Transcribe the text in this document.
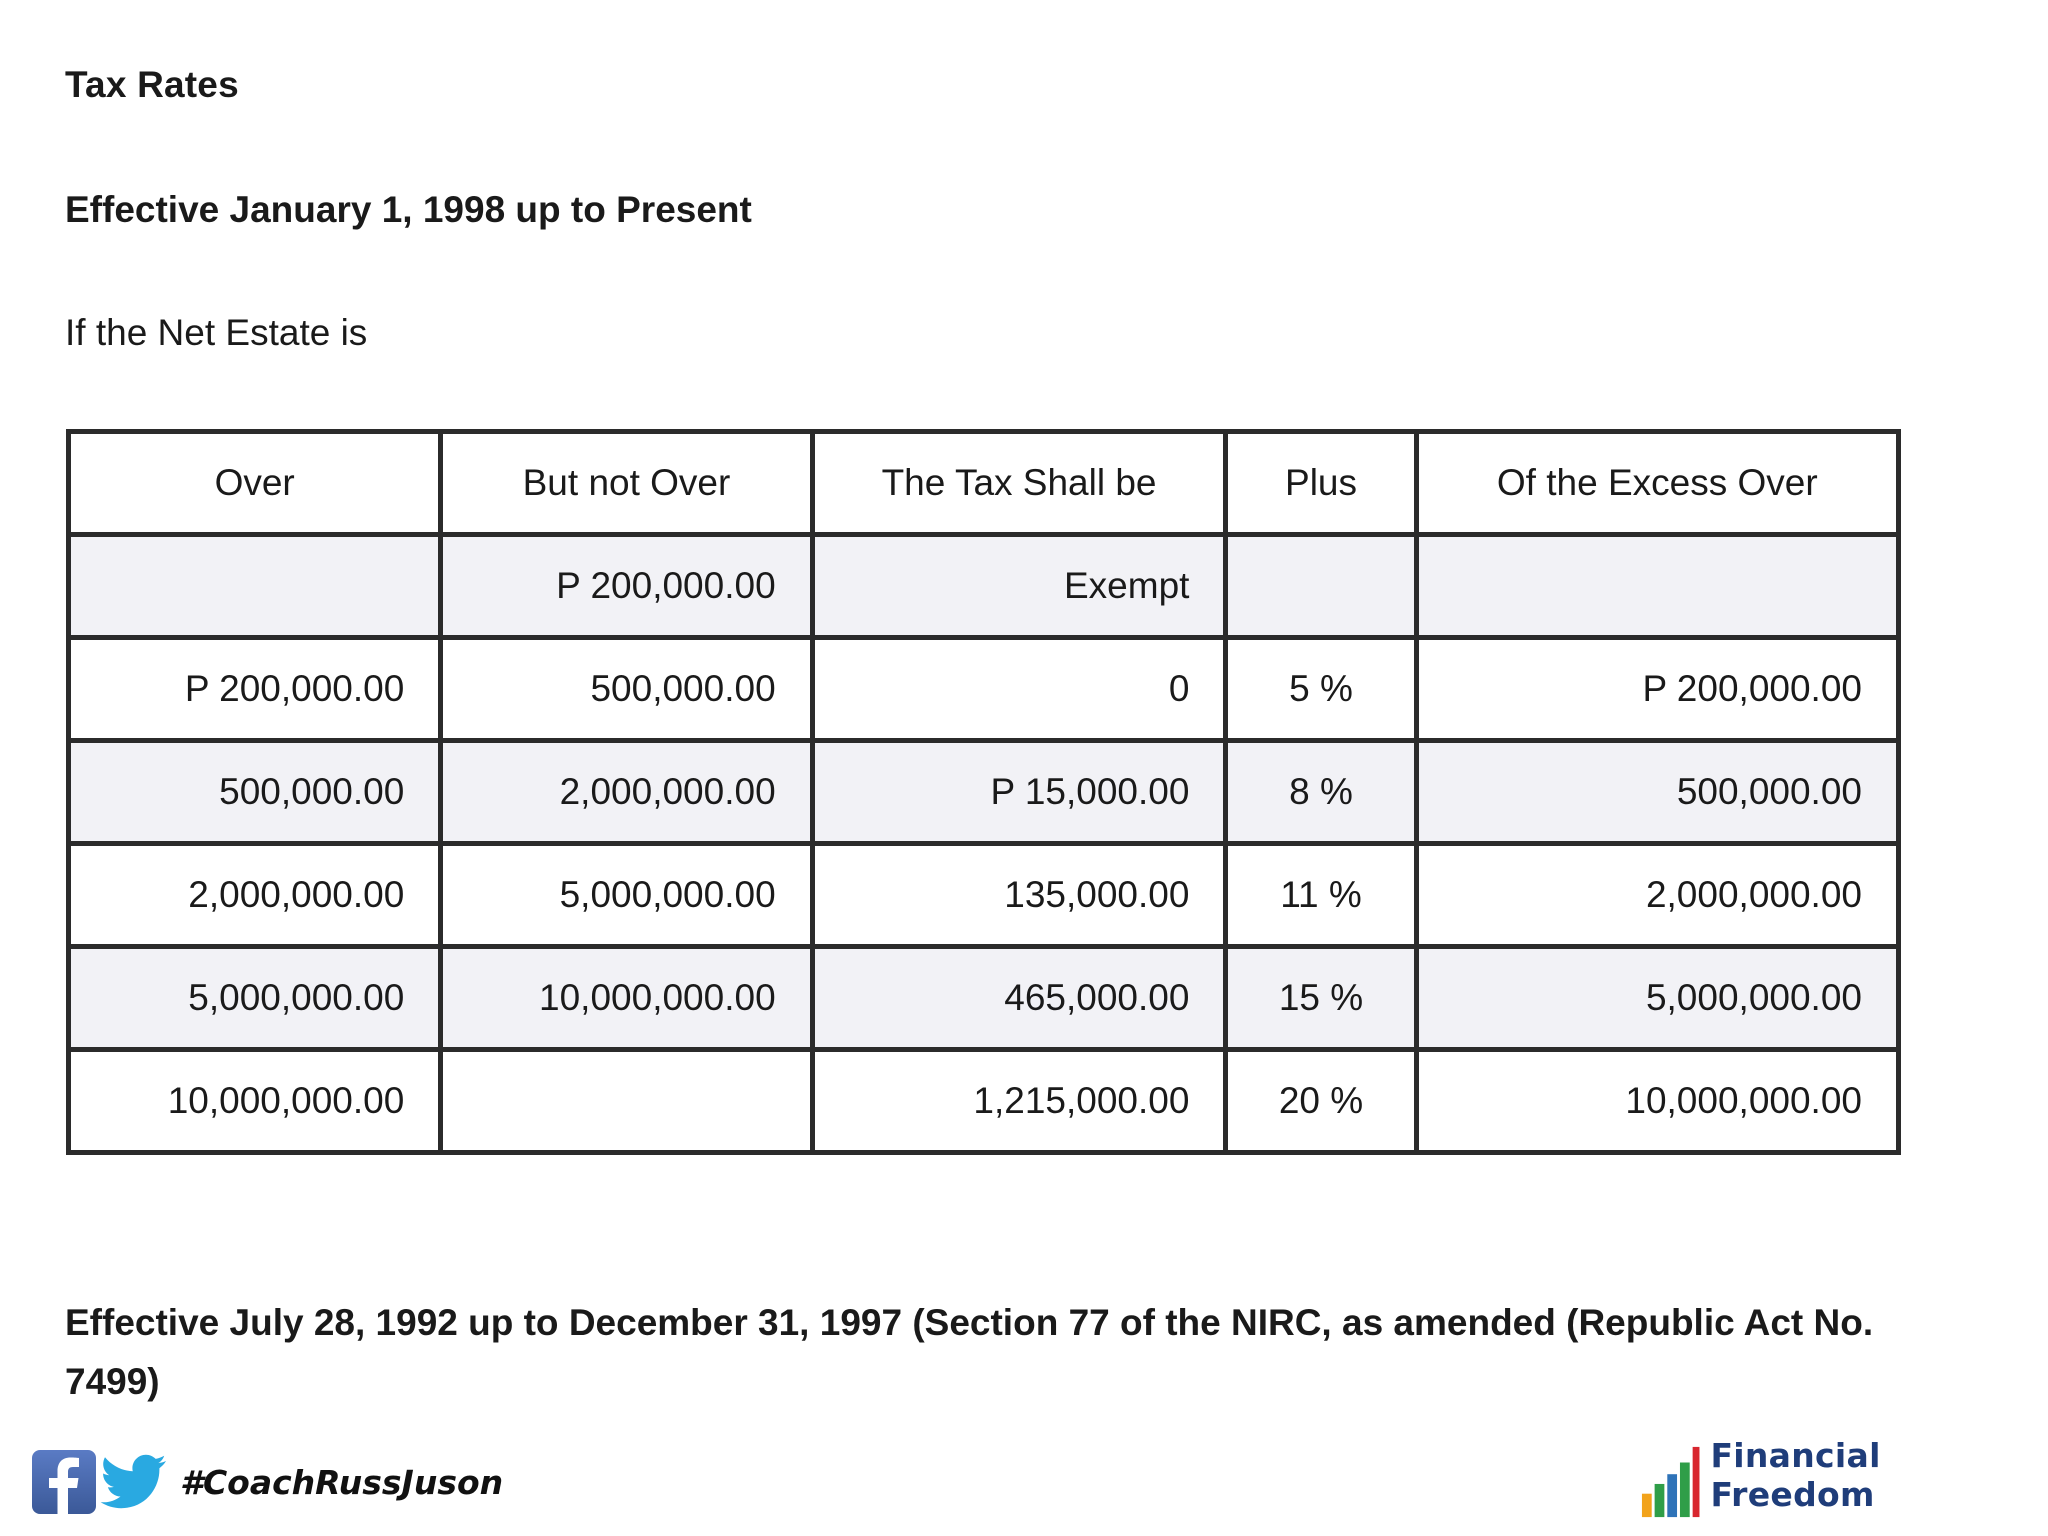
Tax Rates
Effective January 1, 1998 up to Present
If the Net Estate is
Over	But not Over	The Tax Shall be	Plus	Of the Excess Over
	P 200,000.00	Exempt		
P 200,000.00	500,000.00	0	5 %	P 200,000.00
500,000.00	2,000,000.00	P 15,000.00	8 %	500,000.00
2,000,000.00	5,000,000.00	135,000.00	11 %	2,000,000.00
5,000,000.00	10,000,000.00	465,000.00	15 %	5,000,000.00
10,000,000.00		1,215,000.00	20 %	10,000,000.00
Effective July 28, 1992 up to December 31, 1997 (Section 77 of the NIRC, as amended (Republic Act No. 7499)
#CoachRussJuson
Financial Freedom
